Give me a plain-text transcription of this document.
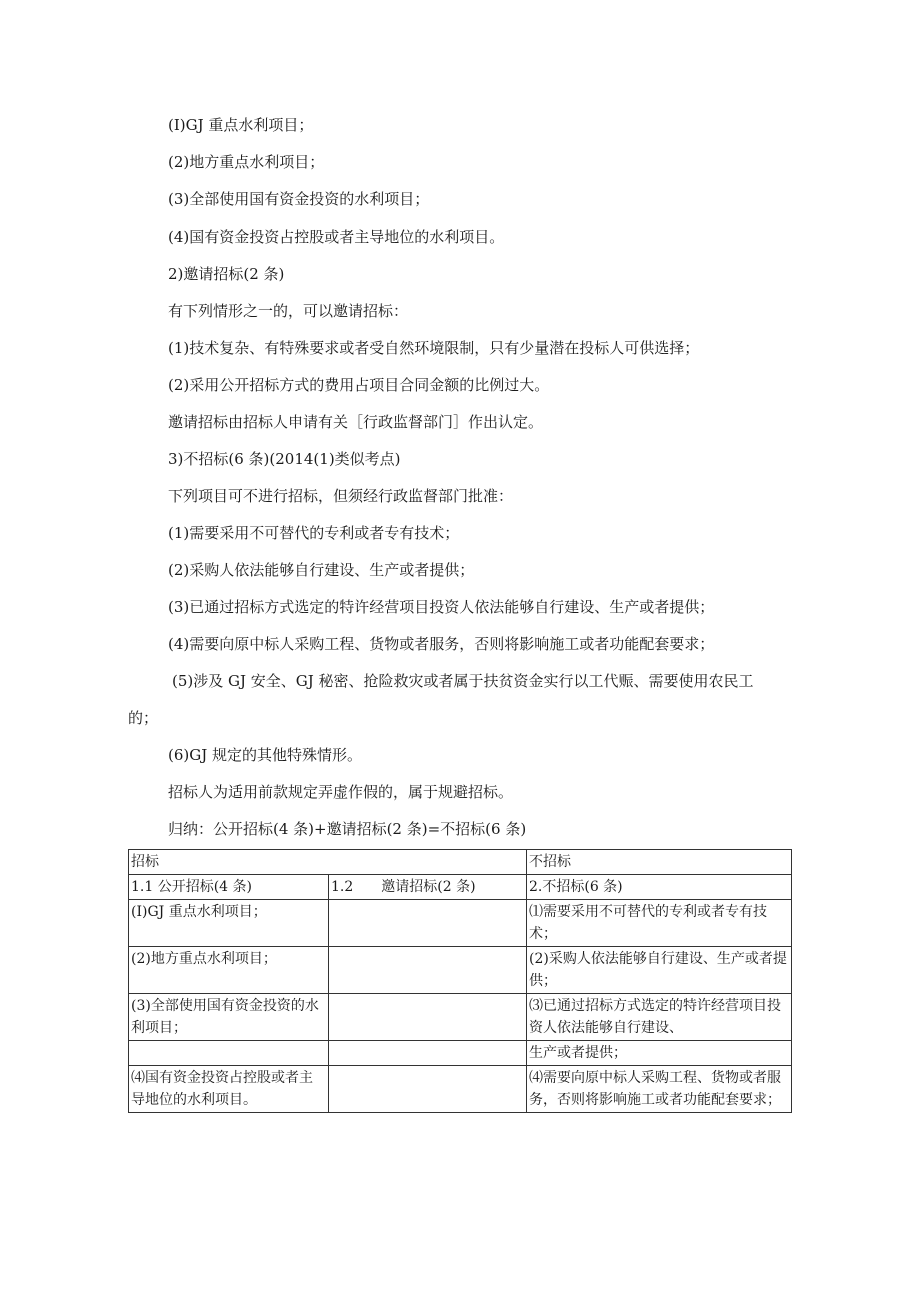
(I)GJ 重点水利项目；
(2)地方重点水利项目；
(3)全部使用国有资金投资的水利项目；
(4)国有资金投资占控股或者主导地位的水利项目。
2)邀请招标(2 条)
有下列情形之一的，可以邀请招标：
(1)技术复杂、有特殊要求或者受自然环境限制，只有少量潜在投标人可供选择；
(2)采用公开招标方式的费用占项目合同金额的比例过大。
邀请招标由招标人申请有关［行政监督部门］作出认定。
3)不招标(6 条)(2014(1)类似考点)
下列项目可不进行招标，但须经行政监督部门批准：
(1)需要采用不可替代的专利或者专有技术；
(2)采购人依法能够自行建设、生产或者提供；
(3)已通过招标方式选定的特许经营项目投资人依法能够自行建设、生产或者提供；
(4)需要向原中标人采购工程、货物或者服务，否则将影响施工或者功能配套要求；
(5)涉及 GJ 安全、GJ 秘密、抢险救灾或者属于扶贫资金实行以工代赈、需要使用农民工
的；
(6)GJ 规定的其他特殊情形。
招标人为适用前款规定弄虚作假的，属于规避招标。
归纳：公开招标(4 条)+邀请招标(2 条)=不招标(6 条)
招标		不招标
1.1 公开招标(4 条)	1.2　　邀请招标(2 条)	2.不招标(6 条)
(I)GJ 重点水利项目；		⑴需要采用不可替代的专利或者专有技术；
(2)地方重点水利项目；		(2)采购人依法能够自行建设、生产或者提供；
(3)全部使用国有资金投资的水利项目；		⑶已通过招标方式选定的特许经营项目投资人依法能够自行建设、
		生产或者提供；
⑷国有资金投资占控股或者主导地位的水利项目。		⑷需要向原中标人采购工程、货物或者服务，否则将影响施工或者功能配套要求；
